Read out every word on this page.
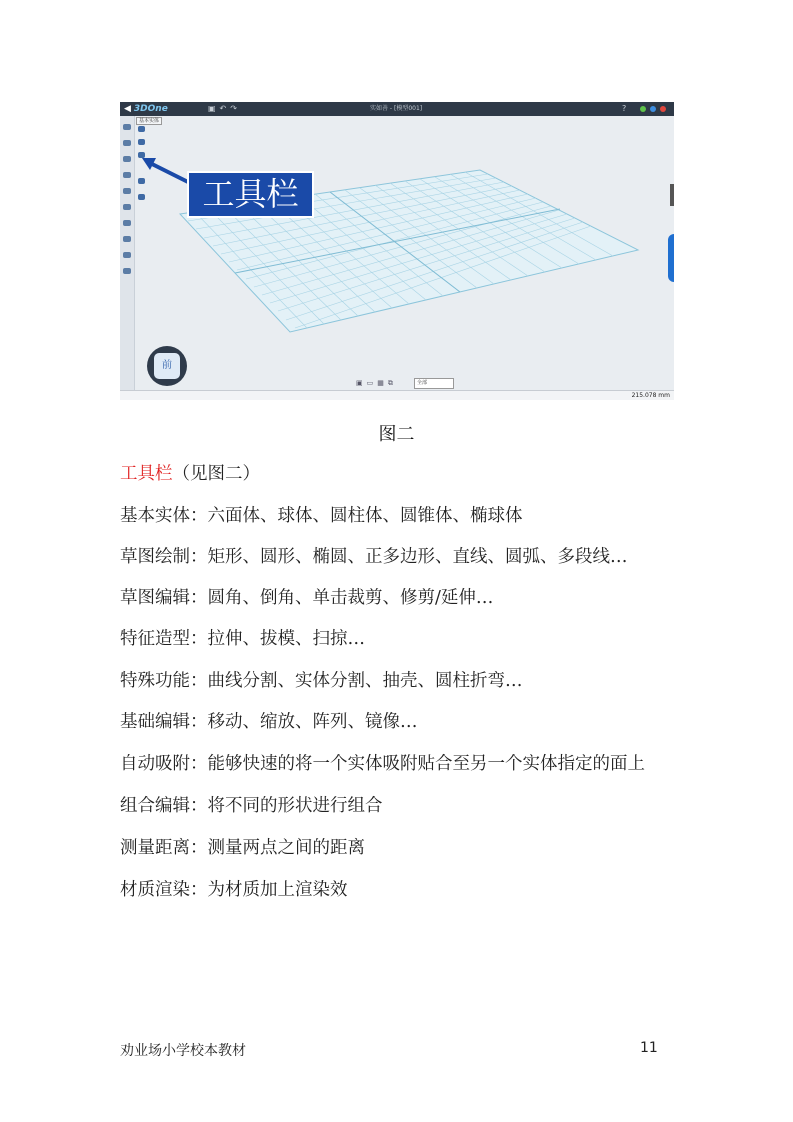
◀ 3DOne	▣↶↷	实如善 - [模型001]	?
基本实体
工具栏
前
▣▭▦⧉	全部
215.078 mm
图二
工具栏（见图二）
基本实体：六面体、球体、圆柱体、圆锥体、椭球体
草图绘制：矩形、圆形、椭圆、正多边形、直线、圆弧、多段线…
草图编辑：圆角、倒角、单击裁剪、修剪/延伸…
特征造型：拉伸、拔模、扫掠…
特殊功能：曲线分割、实体分割、抽壳、圆柱折弯…
基础编辑：移动、缩放、阵列、镜像…
自动吸附：能够快速的将一个实体吸附贴合至另一个实体指定的面上
组合编辑：将不同的形状进行组合
测量距离：测量两点之间的距离
材质渲染：为材质加上渲染效
劝业场小学校本教材	11
